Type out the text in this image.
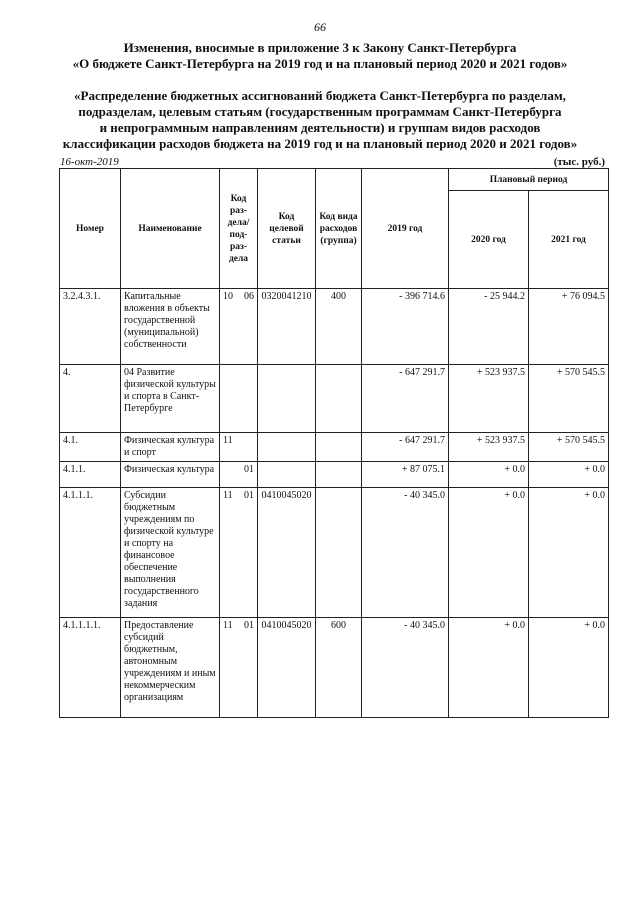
66
Изменения, вносимые в приложение 3 к Закону Санкт-Петербурга
«О бюджете Санкт-Петербурга на 2019 год и на плановый период 2020 и 2021 годов»
«Распределение бюджетных ассигнований бюджета Санкт-Петербурга по разделам,
подразделам, целевым статьям (государственным программам Санкт-Петербурга
и непрограммным направлениям деятельности) и группам видов расходов
классификации расходов бюджета на 2019 год и на плановый период 2020 и 2021 годов»
16-окт-2019	(тыс. руб.)
Номер	Наименование	Код раз-дела/ под-раз-дела	Код целевой статьи	Код вида расходов (группа)	2019 год	Плановый период	
						2020 год	2021 год
3.2.4.3.1.	Капитальные вложения в объекты государственной (муниципальной) собственности	10 06	0320041210	400	- 396 714.6	- 25 944.2	+ 76 094.5
4.	04 Развитие физической культуры и спорта в Санкт-Петербурге				- 647 291.7	+ 523 937.5	+ 570 545.5
4.1.	Физическая культура и спорт	11			- 647 291.7	+ 523 937.5	+ 570 545.5
4.1.1.	Физическая культура	01			+ 87 075.1	+ 0.0	+ 0.0
4.1.1.1.	Субсидии бюджетным учреждениям по физической культуре и спорту на финансовое обеспечение выполнения государственного задания	11 01	0410045020		- 40 345.0	+ 0.0	+ 0.0
4.1.1.1.1.	Предоставление субсидий бюджетным, автономным учреждениям и иным некоммерческим организациям	11 01	0410045020	600	- 40 345.0	+ 0.0	+ 0.0
